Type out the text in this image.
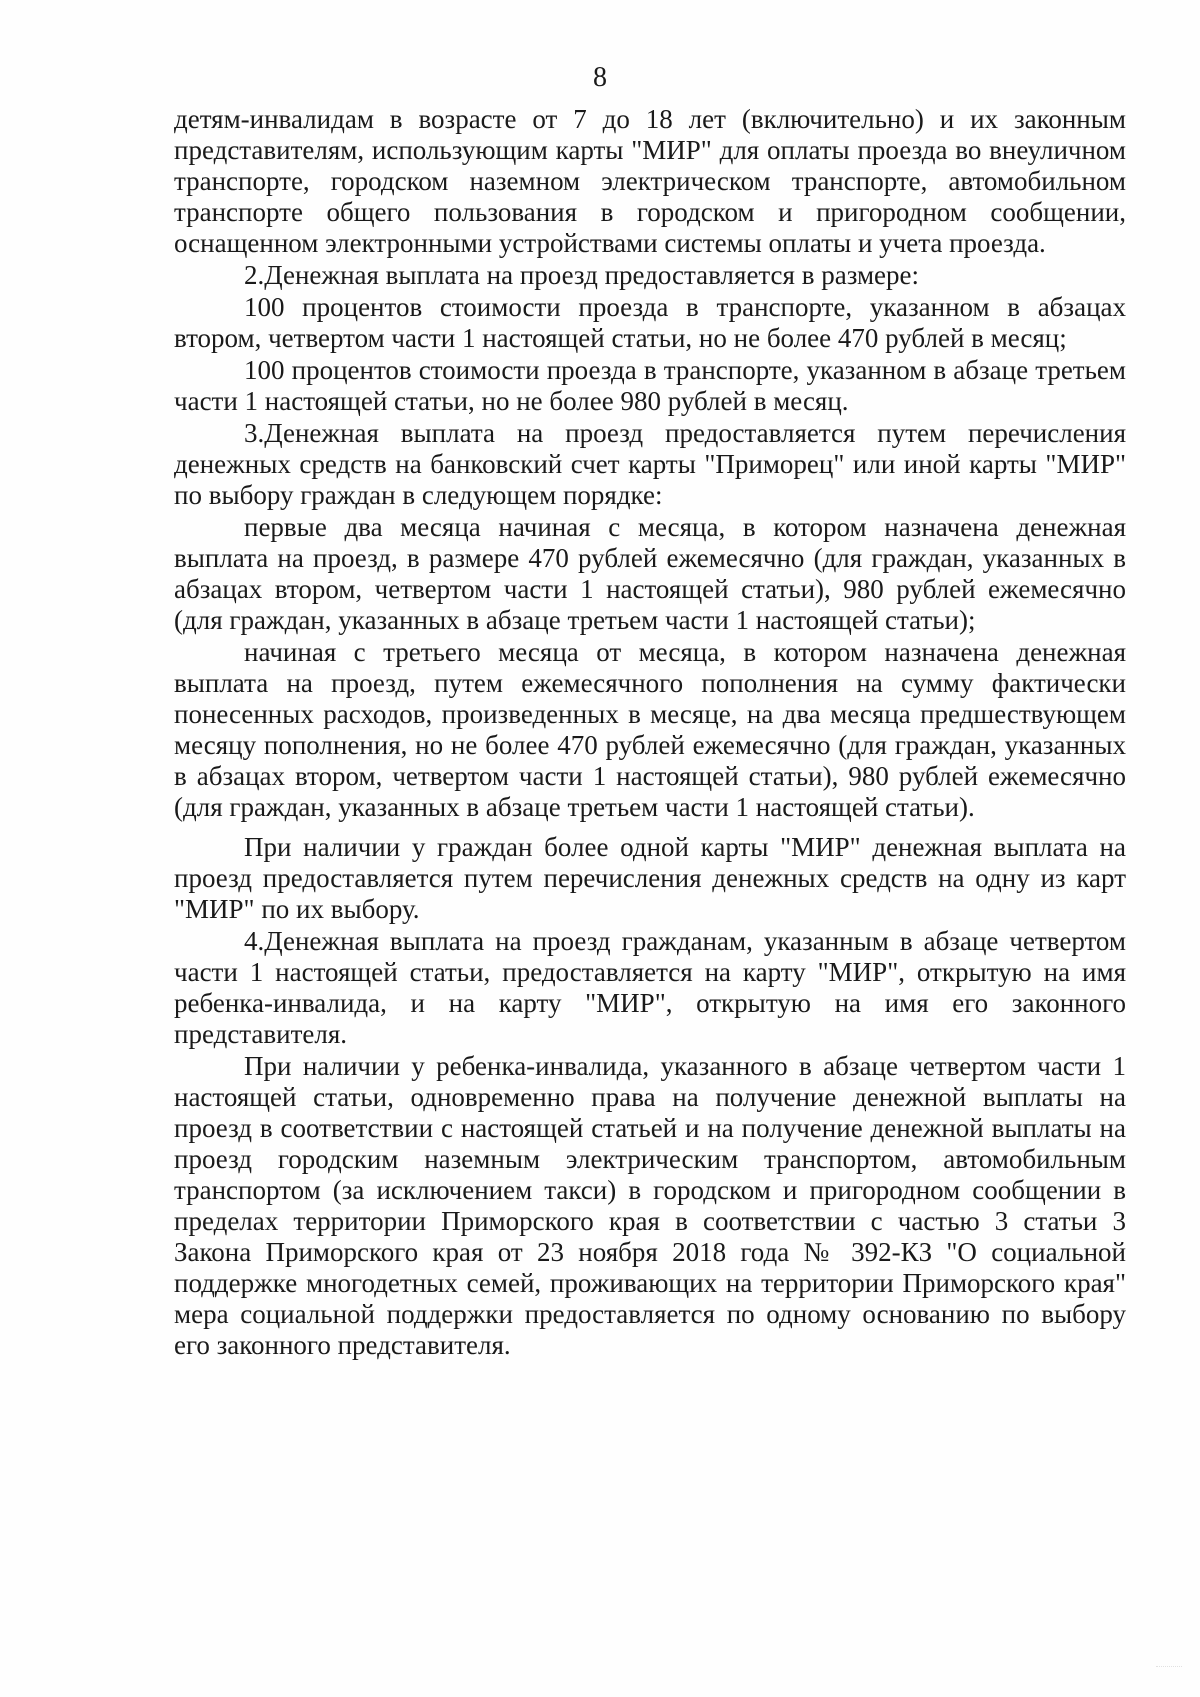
8

детям-инвалидам в возрасте от 7 до 18 лет (включительно) и их законным представителям, использующим карты "МИР" для оплаты проезда во внеуличном транспорте, городском наземном электрическом транспорте, автомобильном транспорте общего пользования в городском и пригородном сообщении, оснащенном электронными устройствами системы оплаты и учета проезда.

2.Денежная выплата на проезд предоставляется в размере:

100 процентов стоимости проезда в транспорте, указанном в абзацах втором, четвертом части 1 настоящей статьи, но не более 470 рублей в месяц;

100 процентов стоимости проезда в транспорте, указанном в абзаце третьем части 1 настоящей статьи, но не более 980 рублей в месяц.

3.Денежная выплата на проезд предоставляется путем перечисления денежных средств на банковский счет карты "Приморец" или иной карты "МИР" по выбору граждан в следующем порядке:

первые два месяца начиная с месяца, в котором назначена денежная выплата на проезд, в размере 470 рублей ежемесячно (для граждан, указанных в абзацах втором, четвертом части 1 настоящей статьи), 980 рублей ежемесячно (для граждан, указанных в абзаце третьем части 1 настоящей статьи);

начиная с третьего месяца от месяца, в котором назначена денежная выплата на проезд, путем ежемесячного пополнения на сумму фактически понесенных расходов, произведенных в месяце, на два месяца предшествующем месяцу пополнения, но не более 470 рублей ежемесячно (для граждан, указанных в абзацах втором, четвертом части 1 настоящей статьи), 980 рублей ежемесячно (для граждан, указанных в абзаце третьем части 1 настоящей статьи).

При наличии у граждан более одной карты "МИР" денежная выплата на проезд предоставляется путем перечисления денежных средств на одну из карт "МИР" по их выбору.

4.Денежная выплата на проезд гражданам, указанным в абзаце четвертом части 1 настоящей статьи, предоставляется на карту "МИР", открытую на имя ребенка-инвалида, и на карту "МИР", открытую на имя его законного представителя.

При наличии у ребенка-инвалида, указанного в абзаце четвертом части 1 настоящей статьи, одновременно права на получение денежной выплаты на проезд в соответствии с настоящей статьей и на получение денежной выплаты на проезд городским наземным электрическим транспортом, автомобильным транспортом (за исключением такси) в городском и пригородном сообщении в пределах территории Приморского края в соответствии с частью 3 статьи 3 Закона Приморского края от 23 ноября 2018 года № 392-КЗ "О социальной поддержке многодетных семей, проживающих на территории Приморского края" мера социальной поддержки предоставляется по одному основанию по выбору его законного представителя.
